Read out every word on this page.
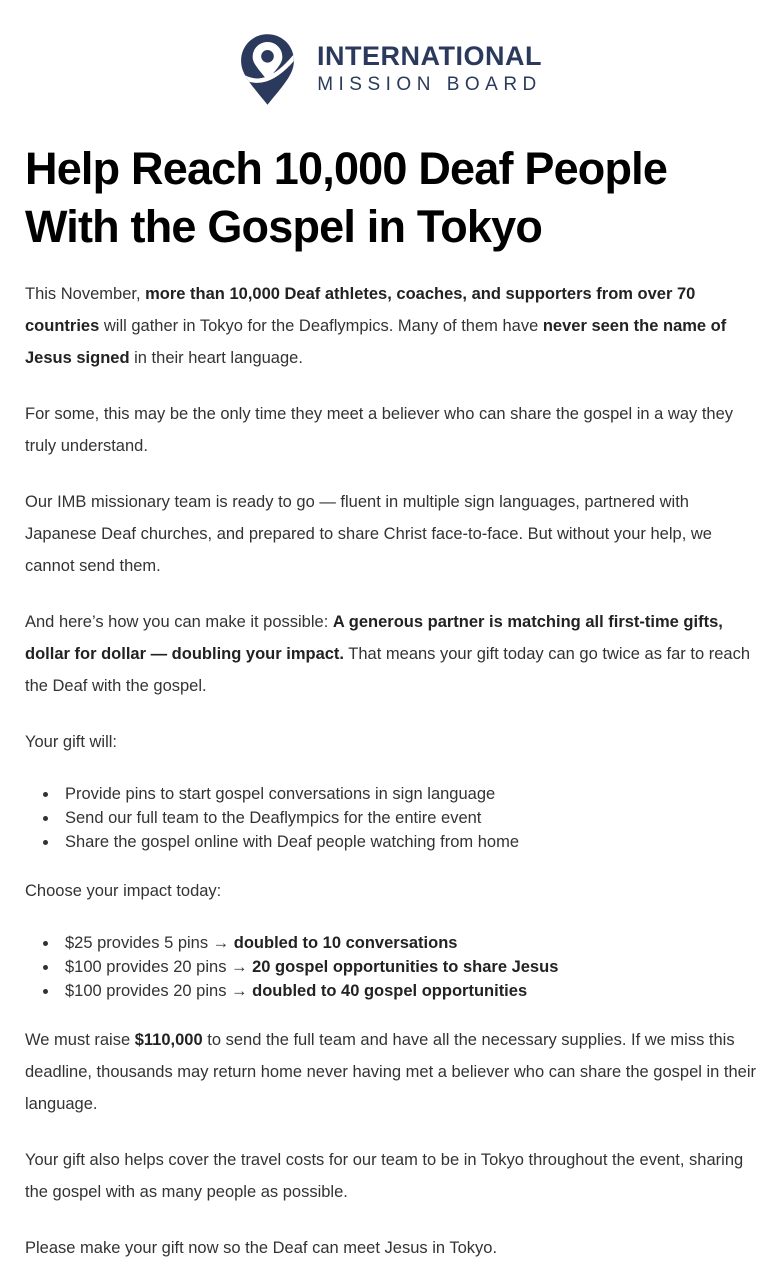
INTERNATIONAL
MISSION BOARD
Help Reach 10,000 Deaf People
With the Gospel in Tokyo

This November, more than 10,000 Deaf athletes, coaches, and supporters from over 70 countries will gather in Tokyo for the Deaflympics. Many of them have never seen the name of Jesus signed in their heart language.

For some, this may be the only time they meet a believer who can share the gospel in a way they truly understand.

Our IMB missionary team is ready to go — fluent in multiple sign languages, partnered with Japanese Deaf churches, and prepared to share Christ face-to-face. But without your help, we cannot send them.

And here’s how you can make it possible: A generous partner is matching all first-time gifts, dollar for dollar — doubling your impact. That means your gift today can go twice as far to reach the Deaf with the gospel.

Your gift will:

• Provide pins to start gospel conversations in sign language
• Send our full team to the Deaflympics for the entire event
• Share the gospel online with Deaf people watching from home

Choose your impact today:

• $25 provides 5 pins → doubled to 10 conversations
• $100 provides 20 pins → 20 gospel opportunities to share Jesus
• $100 provides 20 pins → doubled to 40 gospel opportunities

We must raise $110,000 to send the full team and have all the necessary supplies. If we miss this deadline, thousands may return home never having met a believer who can share the gospel in their language.

Your gift also helps cover the travel costs for our team to be in Tokyo throughout the event, sharing the gospel with as many people as possible.

Please make your gift now so the Deaf can meet Jesus in Tokyo.
